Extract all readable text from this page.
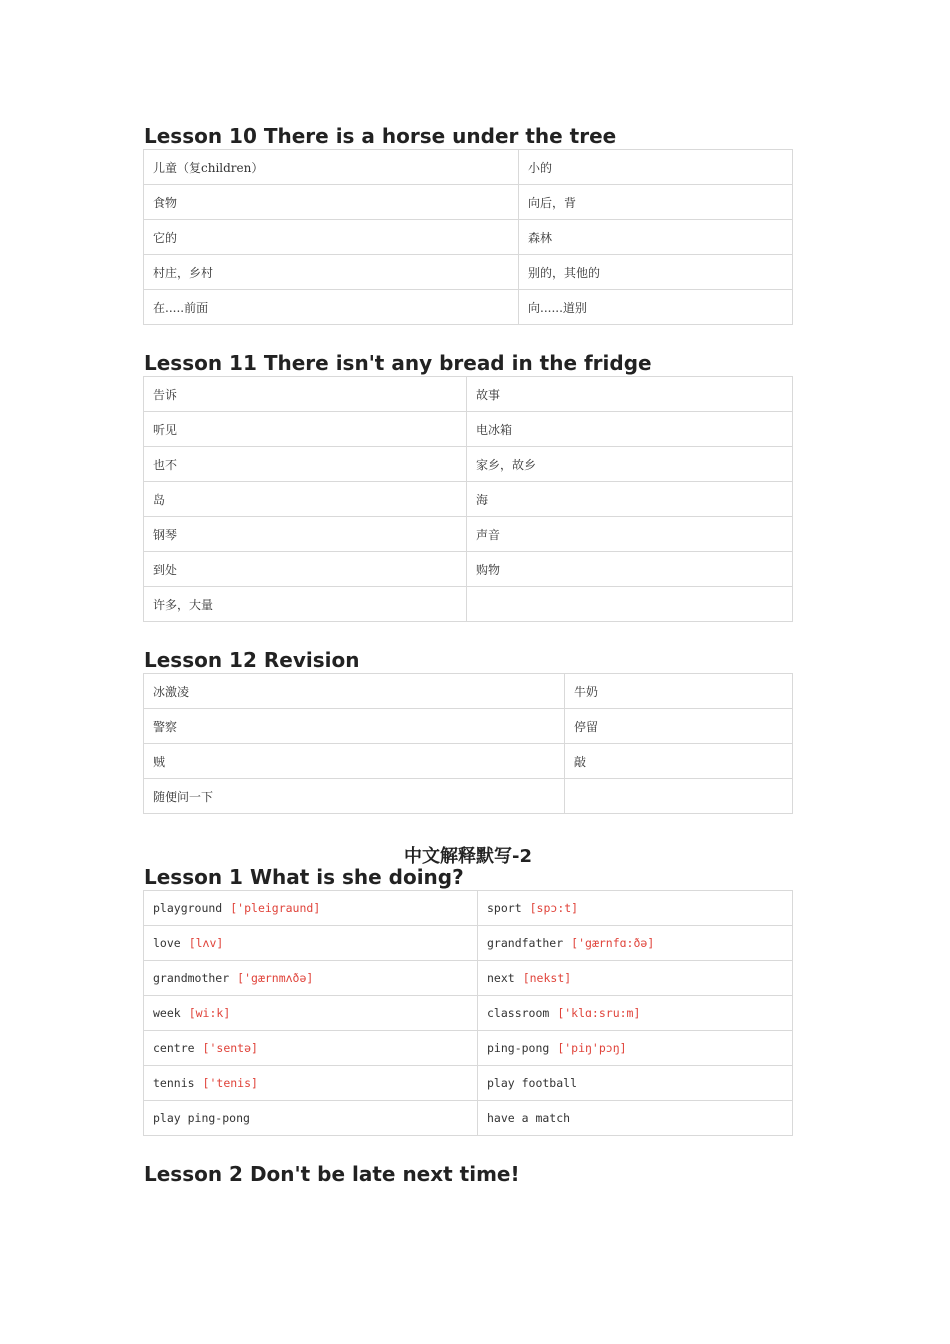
Lesson 10 There is a horse under the tree
儿童（复children）	小的
食物	向后，背
它的	森林
村庄，乡村	别的，其他的
在.....前面	向......道别
Lesson 11 There isn't any bread in the fridge
告诉	故事
听见	电冰箱
也不	家乡，故乡
岛	海
钢琴	声音
到处	购物
许多，大量	
Lesson 12 Revision
冰激凌	牛奶
警察	停留
贼	敲
随便问一下	
中文解释默写-2
Lesson 1 What is she doing?
playground ['pleigraund]	sport [spɔ:t]
love [lʌv]	grandfather ['gærnfɑ:ðə]
grandmother ['gærnmʌðə]	next [nekst]
week [wi:k]	classroom ['klɑ:sru:m]
centre ['sentə]	ping-pong ['piŋ'pɔŋ]
tennis ['tenis]	play football
play ping-pong	have a match
Lesson 2 Don't be late next time!
